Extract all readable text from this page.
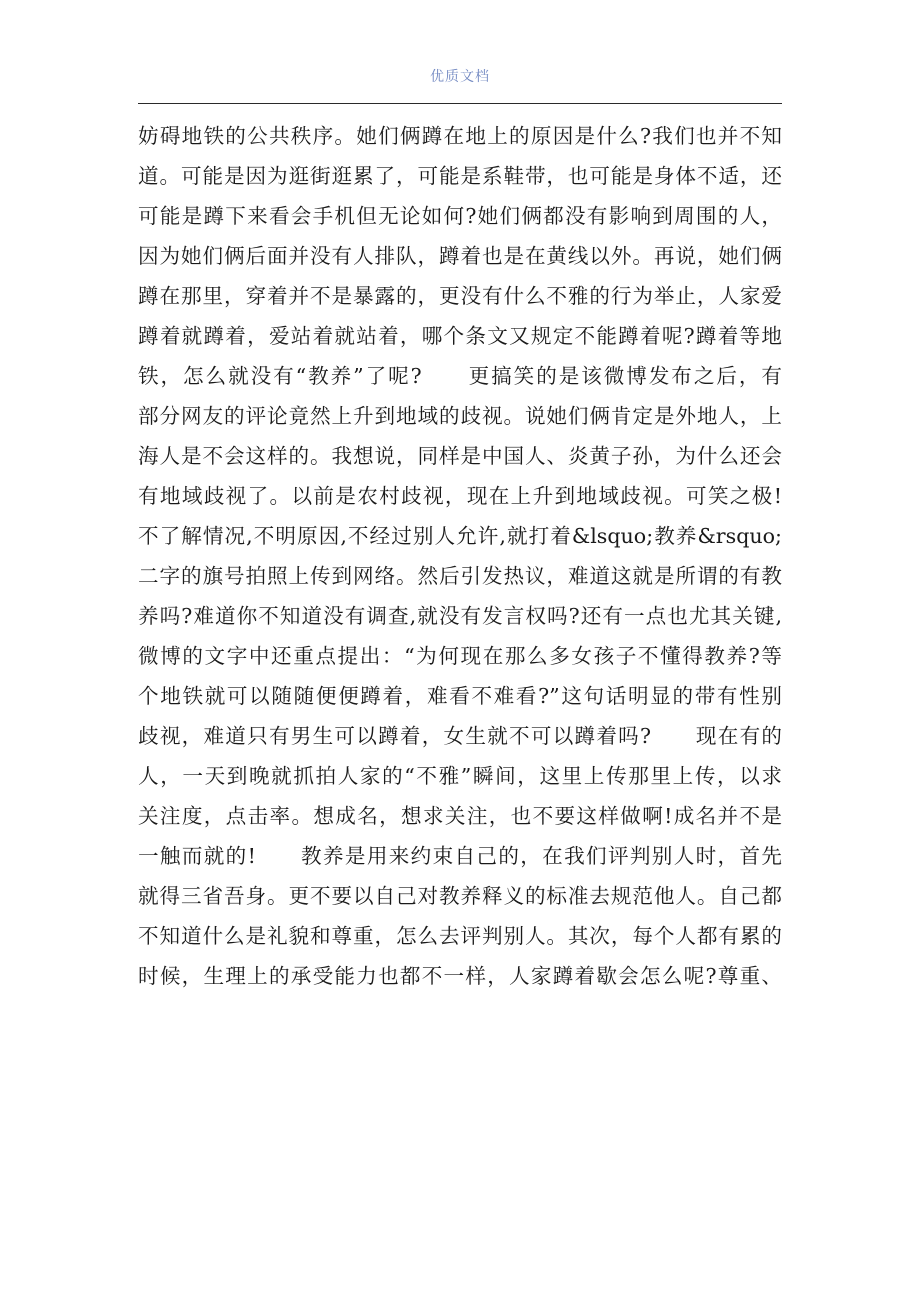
优质文档
妨碍地铁的公共秩序。她们俩蹲在地上的原因是什么?我们也并不知
道。可能是因为逛街逛累了，可能是系鞋带，也可能是身体不适，还
可能是蹲下来看会手机但无论如何?她们俩都没有影响到周围的人，
因为她们俩后面并没有人排队，蹲着也是在黄线以外。再说，她们俩
蹲在那里，穿着并不是暴露的，更没有什么不雅的行为举止，人家爱
蹲着就蹲着，爱站着就站着，哪个条文又规定不能蹲着呢?蹲着等地
铁，怎么就没有“教养”了呢?　　更搞笑的是该微博发布之后，有
部分网友的评论竟然上升到地域的歧视。说她们俩肯定是外地人，上
海人是不会这样的。我想说，同样是中国人、炎黄子孙，为什么还会
有地域歧视了。以前是农村歧视，现在上升到地域歧视。可笑之极!
不了解情况,不明原因,不经过别人允许,就打着&lsquo;教养&rsquo;
二字的旗号拍照上传到网络。然后引发热议，难道这就是所谓的有教
养吗?难道你不知道没有调查,就没有发言权吗?还有一点也尤其关键,
微博的文字中还重点提出：“为何现在那么多女孩子不懂得教养?等
个地铁就可以随随便便蹲着，难看不难看?”这句话明显的带有性别
歧视，难道只有男生可以蹲着，女生就不可以蹲着吗?　　现在有的
人，一天到晚就抓拍人家的“不雅”瞬间，这里上传那里上传，以求
关注度，点击率。想成名，想求关注，也不要这样做啊!成名并不是
一触而就的!　　教养是用来约束自己的，在我们评判别人时，首先
就得三省吾身。更不要以自己对教养释义的标准去规范他人。自己都
不知道什么是礼貌和尊重，怎么去评判别人。其次，每个人都有累的
时候，生理上的承受能力也都不一样，人家蹲着歇会怎么呢?尊重、
